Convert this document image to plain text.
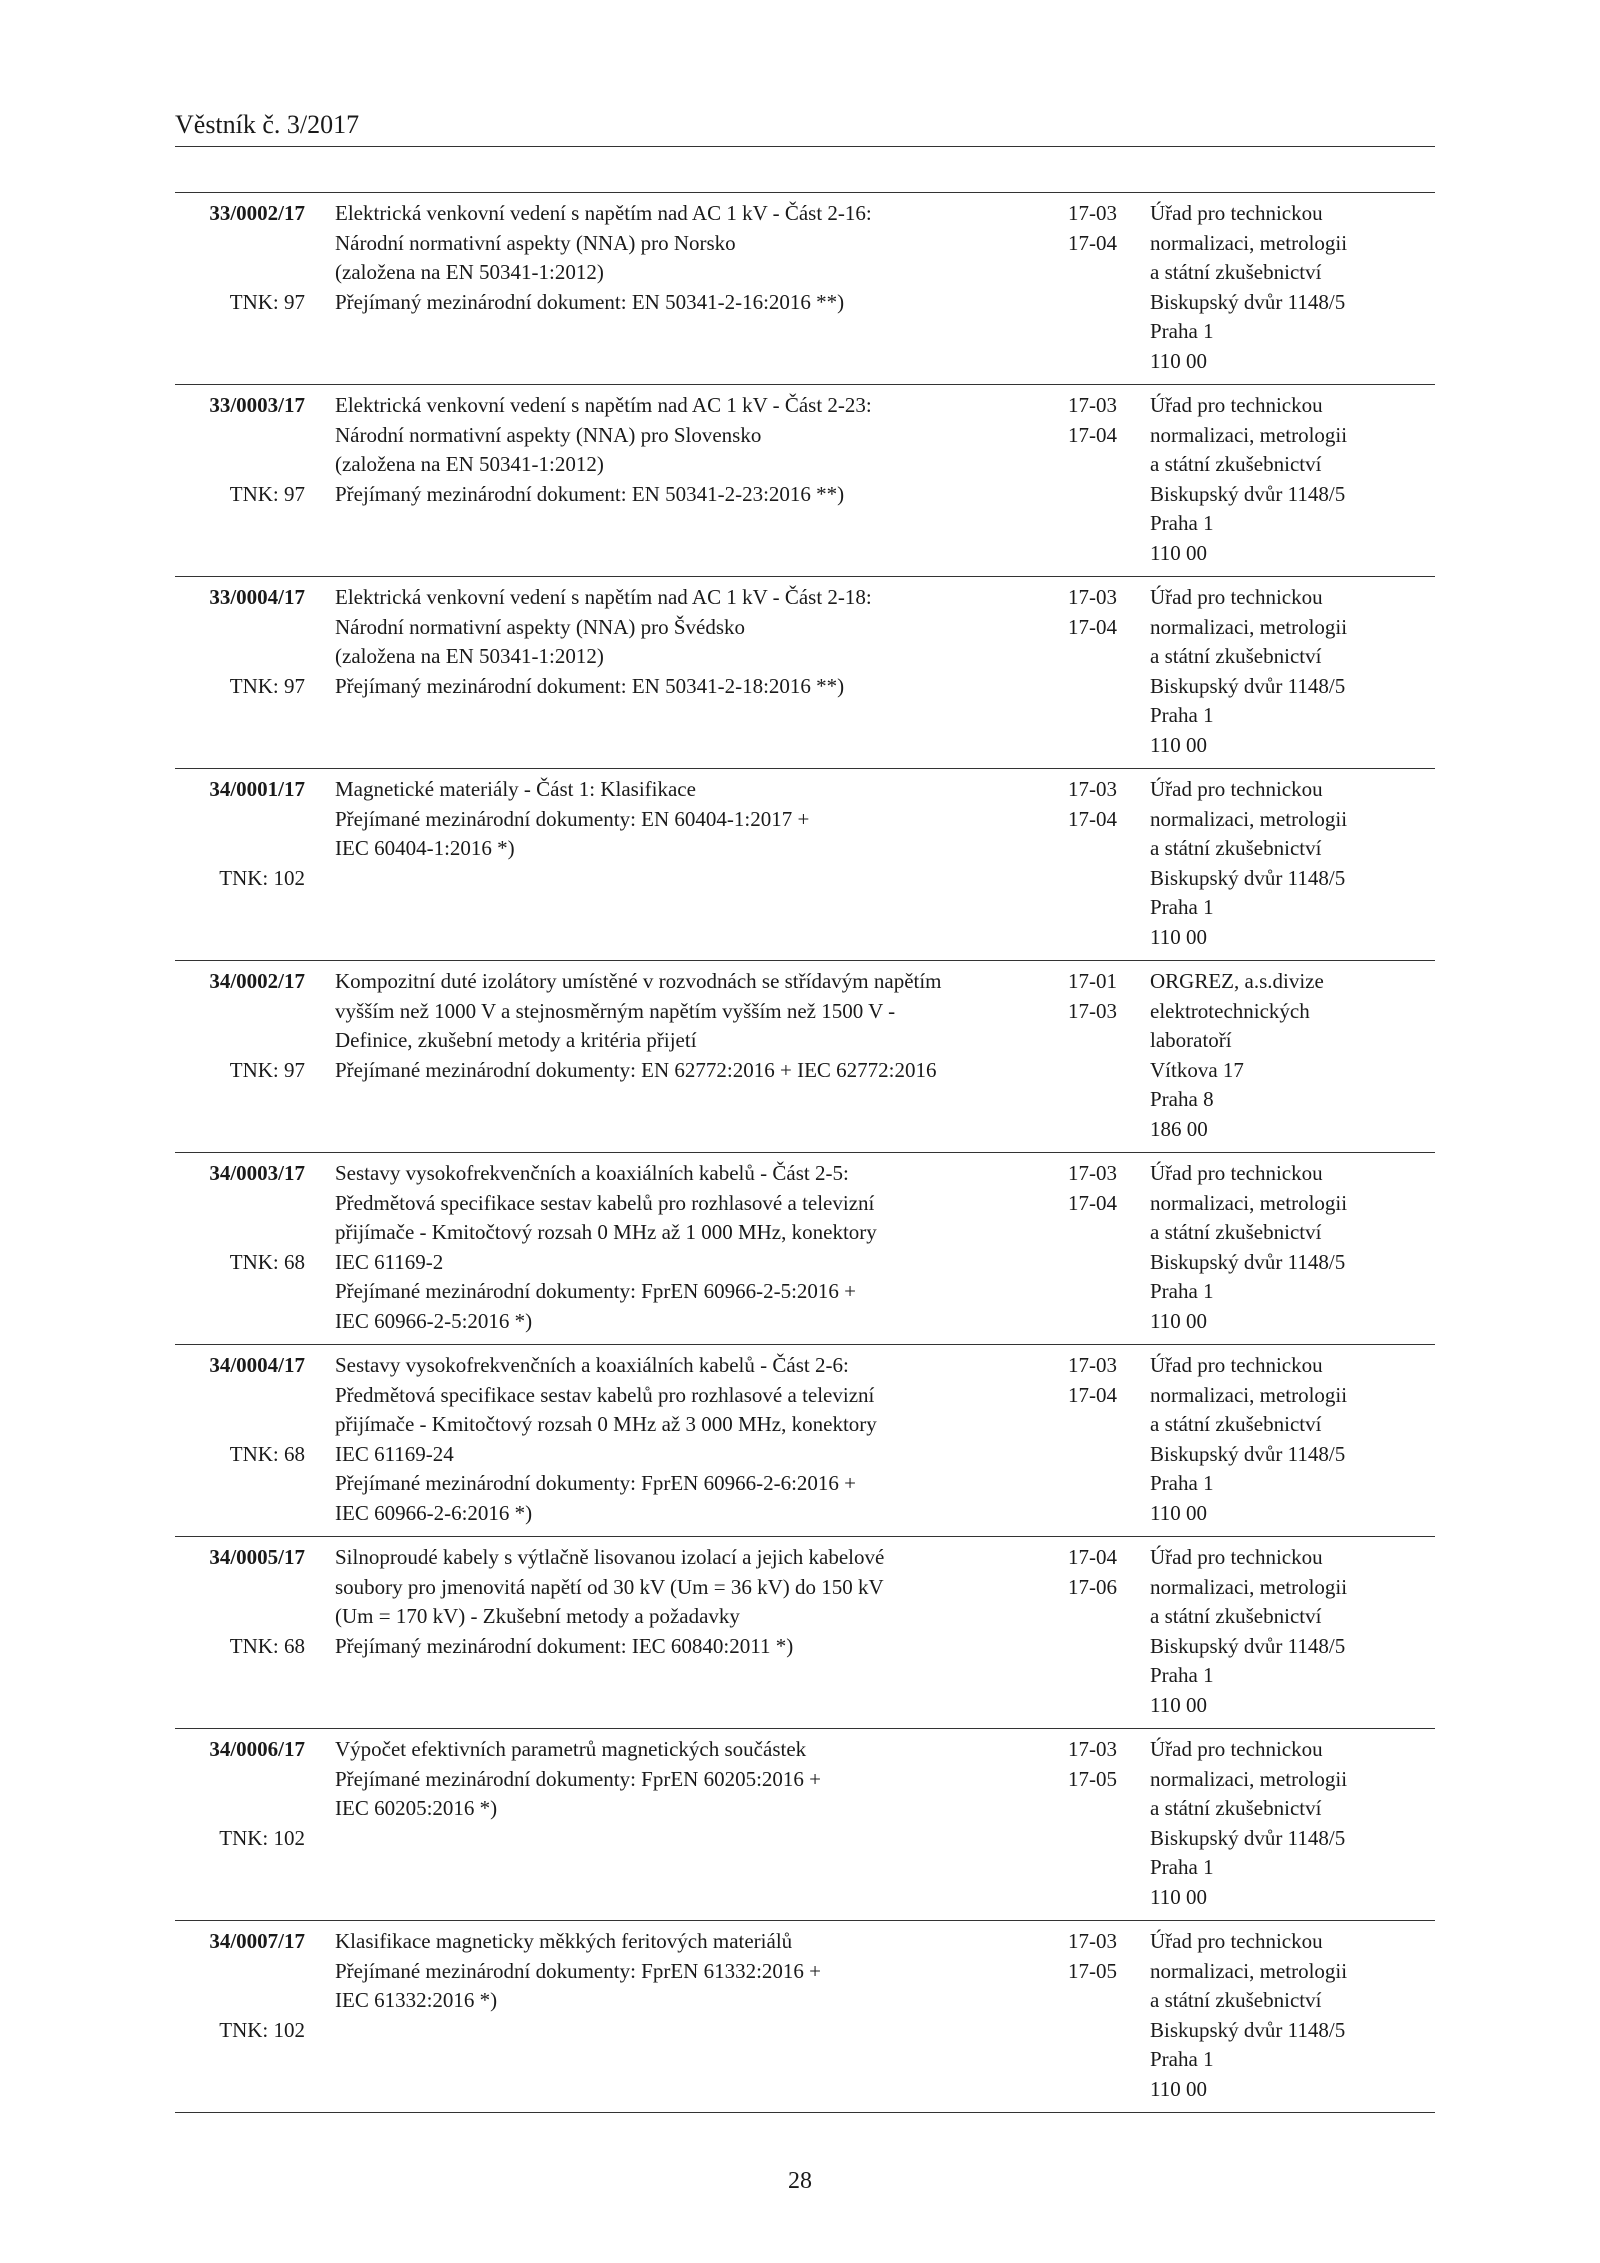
Věstník č. 3/2017
33/0002/17

TNK: 97
Elektrická venkovní vedení s napětím nad AC 1 kV - Část 2-16:
Národní normativní aspekty (NNA) pro Norsko
(založena na EN 50341-1:2012)
Přejímaný mezinárodní dokument: EN 50341-2-16:2016 **)
17-03
17-04
Úřad pro technickou
normalizaci, metrologii
a státní zkušebnictví
Biskupský dvůr 1148/5
Praha 1
110 00
33/0003/17

TNK: 97
Elektrická venkovní vedení s napětím nad AC 1 kV - Část 2-23:
Národní normativní aspekty (NNA) pro Slovensko
(založena na EN 50341-1:2012)
Přejímaný mezinárodní dokument: EN 50341-2-23:2016 **)
17-03
17-04
Úřad pro technickou
normalizaci, metrologii
a státní zkušebnictví
Biskupský dvůr 1148/5
Praha 1
110 00
33/0004/17

TNK: 97
Elektrická venkovní vedení s napětím nad AC 1 kV - Část 2-18:
Národní normativní aspekty (NNA) pro Švédsko
(založena na EN 50341-1:2012)
Přejímaný mezinárodní dokument: EN 50341-2-18:2016 **)
17-03
17-04
Úřad pro technickou
normalizaci, metrologii
a státní zkušebnictví
Biskupský dvůr 1148/5
Praha 1
110 00
34/0001/17

TNK: 102
Magnetické materiály - Část 1: Klasifikace
Přejímané mezinárodní dokumenty: EN 60404-1:2017 +
IEC 60404-1:2016 *)
17-03
17-04
Úřad pro technickou
normalizaci, metrologii
a státní zkušebnictví
Biskupský dvůr 1148/5
Praha 1
110 00
34/0002/17

TNK: 97
Kompozitní duté izolátory umístěné v rozvodnách se střídavým napětím
vyšším než 1000 V a stejnosměrným napětím vyšším než 1500 V -
Definice, zkušební metody a kritéria přijetí
Přejímané mezinárodní dokumenty: EN 62772:2016 + IEC 62772:2016
17-01
17-03
ORGREZ, a.s.divize
elektrotechnických
laboratoří
Vítkova 17
Praha 8
186 00
34/0003/17

TNK: 68
Sestavy vysokofrekvenčních a koaxiálních kabelů - Část 2-5:
Předmětová specifikace sestav kabelů pro rozhlasové a televizní
přijímače - Kmitočtový rozsah 0 MHz až 1 000 MHz, konektory
IEC 61169-2
Přejímané mezinárodní dokumenty: FprEN 60966-2-5:2016 +
IEC 60966-2-5:2016 *)
17-03
17-04
Úřad pro technickou
normalizaci, metrologii
a státní zkušebnictví
Biskupský dvůr 1148/5
Praha 1
110 00
34/0004/17

TNK: 68
Sestavy vysokofrekvenčních a koaxiálních kabelů - Část 2-6:
Předmětová specifikace sestav kabelů pro rozhlasové a televizní
přijímače - Kmitočtový rozsah 0 MHz až 3 000 MHz, konektory
IEC 61169-24
Přejímané mezinárodní dokumenty: FprEN 60966-2-6:2016 +
IEC 60966-2-6:2016 *)
17-03
17-04
Úřad pro technickou
normalizaci, metrologii
a státní zkušebnictví
Biskupský dvůr 1148/5
Praha 1
110 00
34/0005/17

TNK: 68
Silnoproudé kabely s výtlačně lisovanou izolací a jejich kabelové
soubory pro jmenovitá napětí od 30 kV (Um = 36 kV) do 150 kV
(Um = 170 kV) - Zkušební metody a požadavky
Přejímaný mezinárodní dokument: IEC 60840:2011 *)
17-04
17-06
Úřad pro technickou
normalizaci, metrologii
a státní zkušebnictví
Biskupský dvůr 1148/5
Praha 1
110 00
34/0006/17

TNK: 102
Výpočet efektivních parametrů magnetických součástek
Přejímané mezinárodní dokumenty: FprEN 60205:2016 +
IEC 60205:2016 *)
17-03
17-05
Úřad pro technickou
normalizaci, metrologii
a státní zkušebnictví
Biskupský dvůr 1148/5
Praha 1
110 00
34/0007/17

TNK: 102
Klasifikace magneticky měkkých feritových materiálů
Přejímané mezinárodní dokumenty: FprEN 61332:2016 +
IEC 61332:2016 *)
17-03
17-05
Úřad pro technickou
normalizaci, metrologii
a státní zkušebnictví
Biskupský dvůr 1148/5
Praha 1
110 00
28
